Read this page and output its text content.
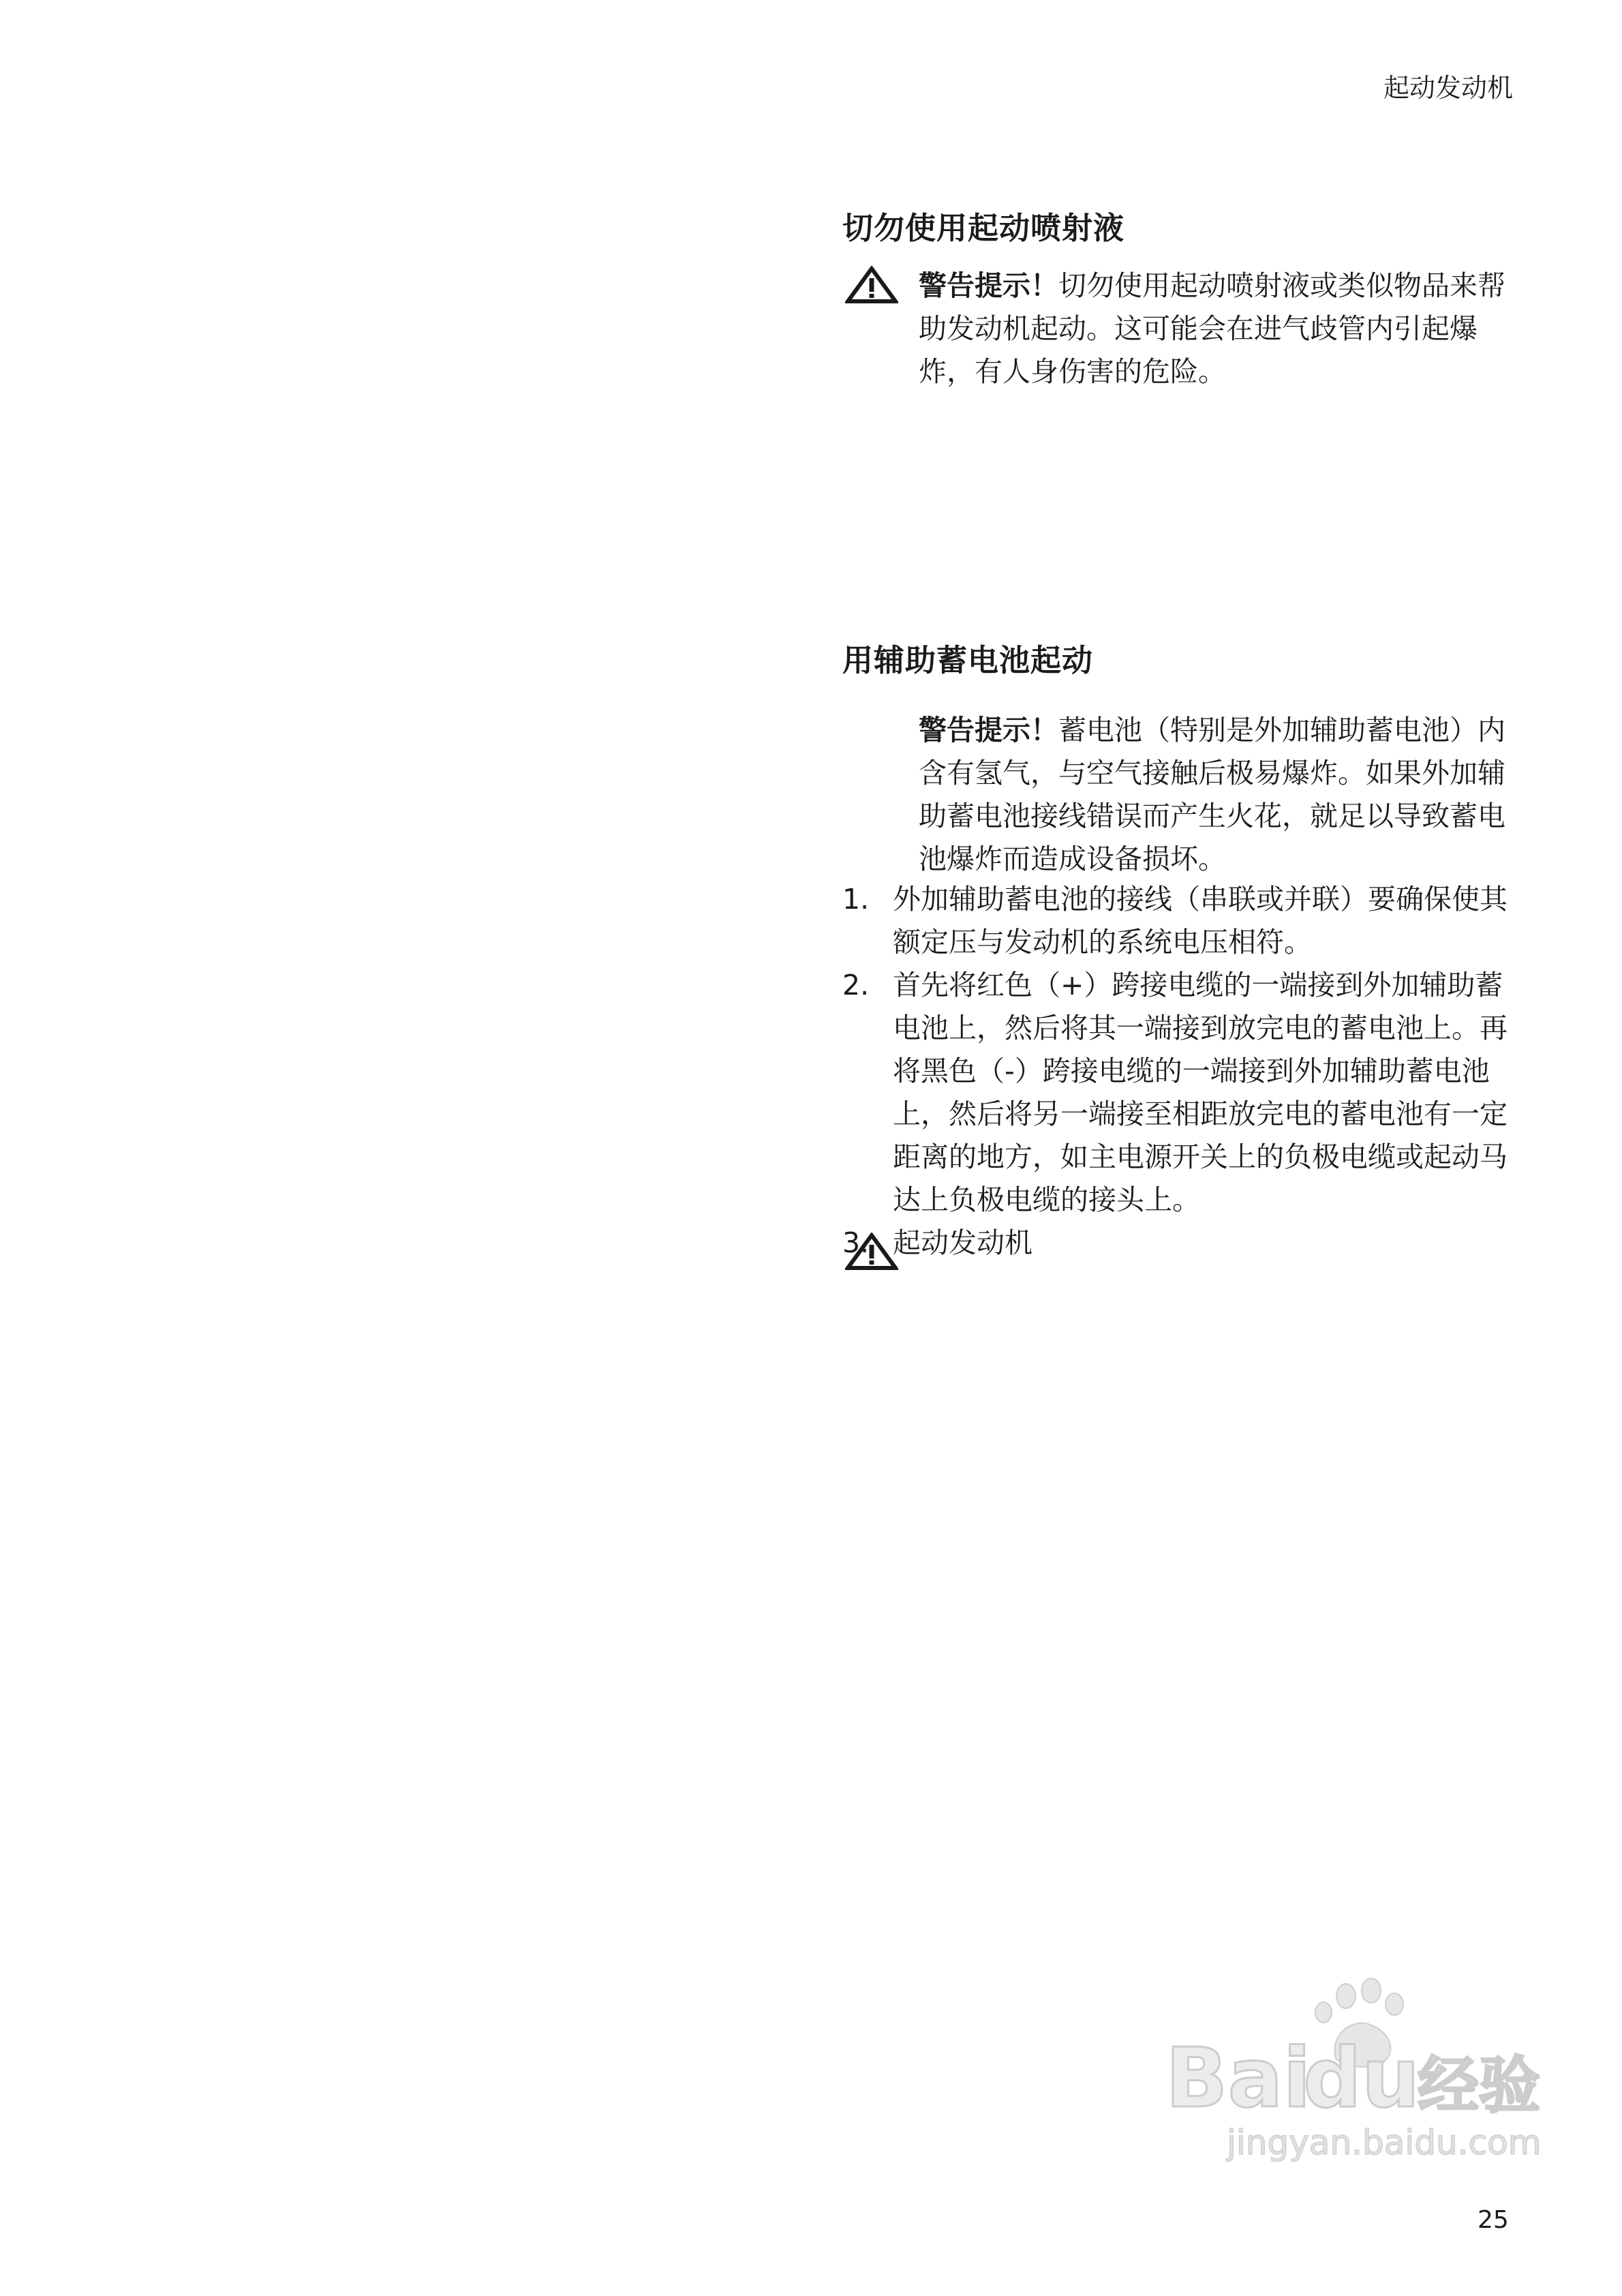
起动发动机
切勿使用起动喷射液
警告提示！切勿使用起动喷射液或类似物品来帮助发动机起动。这可能会在进气歧管内引起爆炸，有人身伤害的危险。
用辅助蓄电池起动
警告提示！蓄电池（特别是外加辅助蓄电池）内含有氢气，与空气接触后极易爆炸。如果外加辅助蓄电池接线错误而产生火花，就足以导致蓄电池爆炸而造成设备损坏。
1. 外加辅助蓄电池的接线（串联或并联）要确保使其额定压与发动机的系统电压相符。
2. 首先将红色（+）跨接电缆的一端接到外加辅助蓄电池上，然后将其一端接到放完电的蓄电池上。再将黑色（-）跨接电缆的一端接到外加辅助蓄电池上，然后将另一端接至相距放完电的蓄电池有一定距离的地方，如主电源开关上的负极电缆或起动马达上负极电缆的接头上。
3. 起动发动机
Bai
du
经验
jingyan.baidu.com
25
